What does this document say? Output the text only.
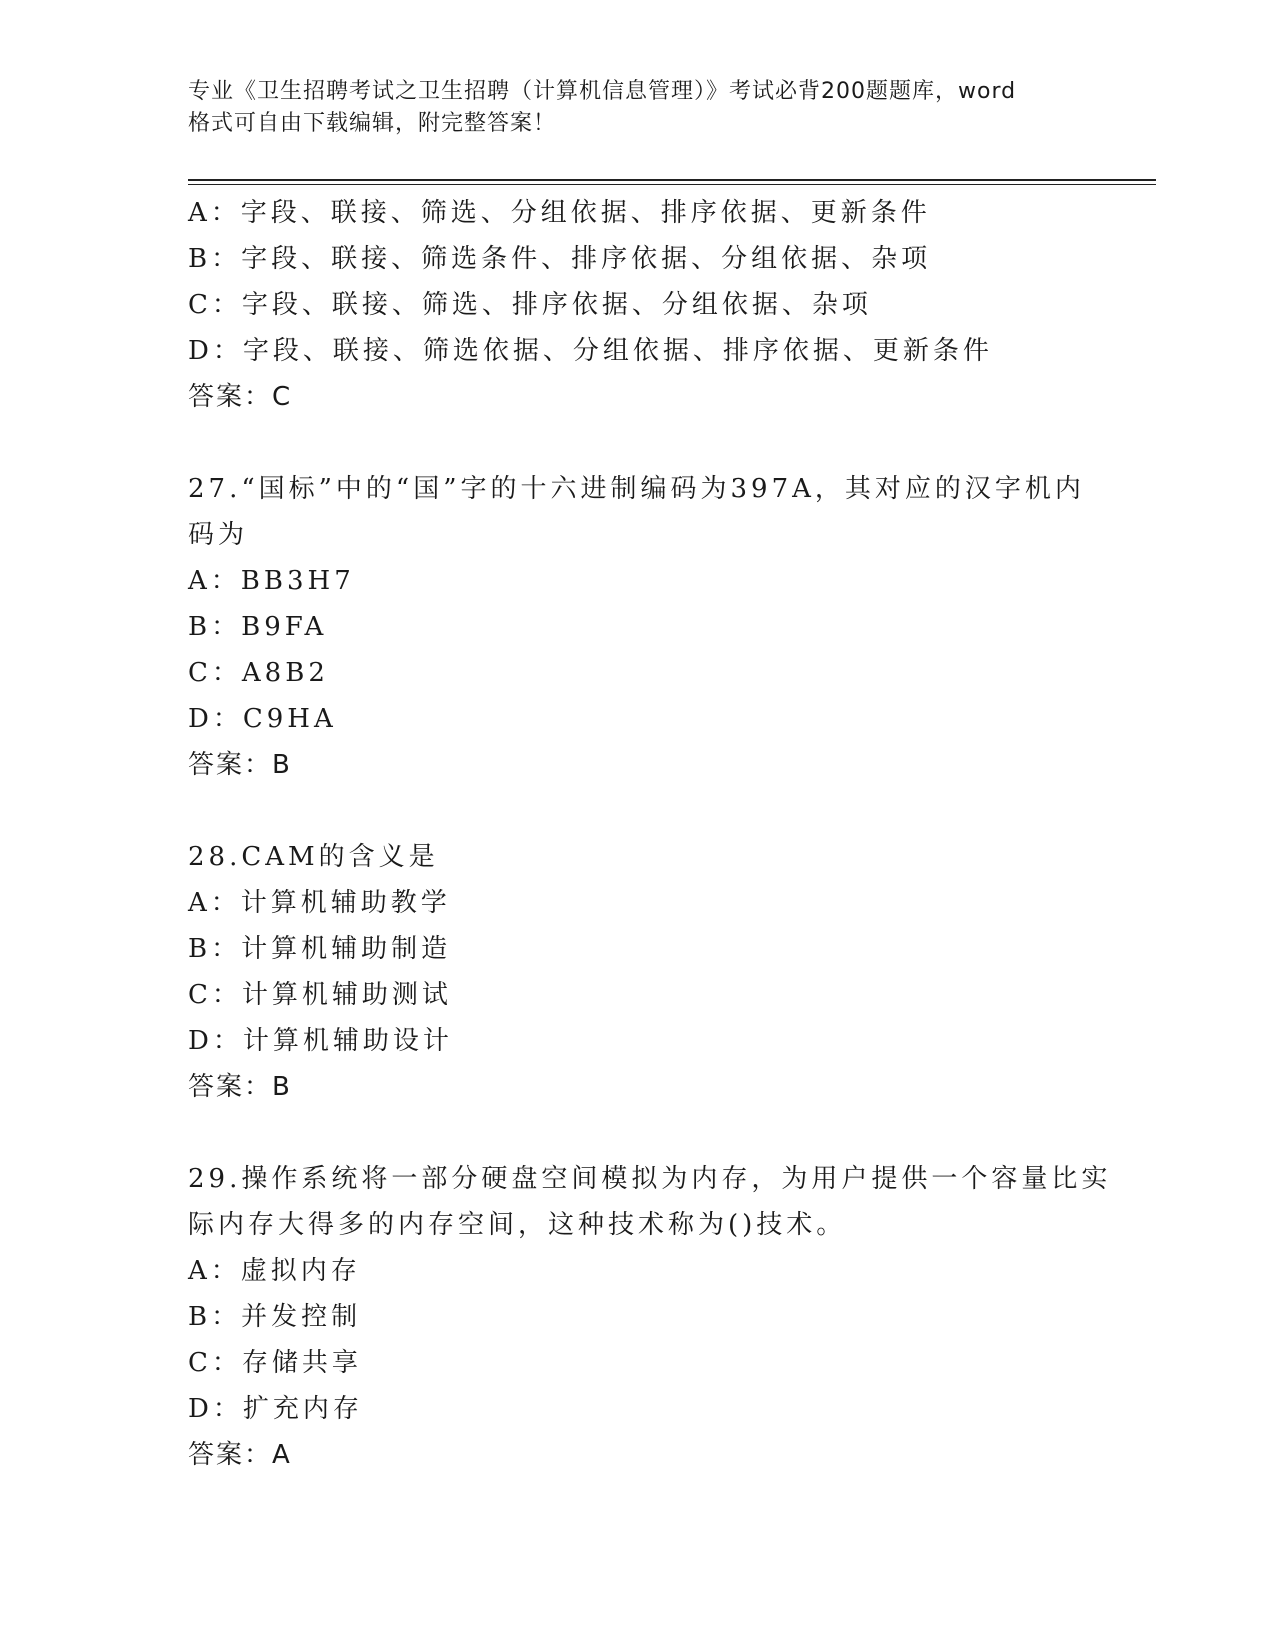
专业《卫生招聘考试之卫生招聘（计算机信息管理）》考试必背200题题库，word
格式可自由下载编辑，附完整答案！
A：字段、联接、筛选、分组依据、排序依据、更新条件
B：字段、联接、筛选条件、排序依据、分组依据、杂项
C：字段、联接、筛选、排序依据、分组依据、杂项
D：字段、联接、筛选依据、分组依据、排序依据、更新条件
答案：C
27.“国标”中的“国”字的十六进制编码为397A，其对应的汉字机内
码为
A：BB3H7
B：B9FA
C：A8B2
D：C9HA
答案：B
28.CAM的含义是
A：计算机辅助教学
B：计算机辅助制造
C：计算机辅助测试
D：计算机辅助设计
答案：B
29.操作系统将一部分硬盘空间模拟为内存，为用户提供一个容量比实
际内存大得多的内存空间，这种技术称为()技术。
A：虚拟内存
B：并发控制
C：存储共享
D：扩充内存
答案：A
